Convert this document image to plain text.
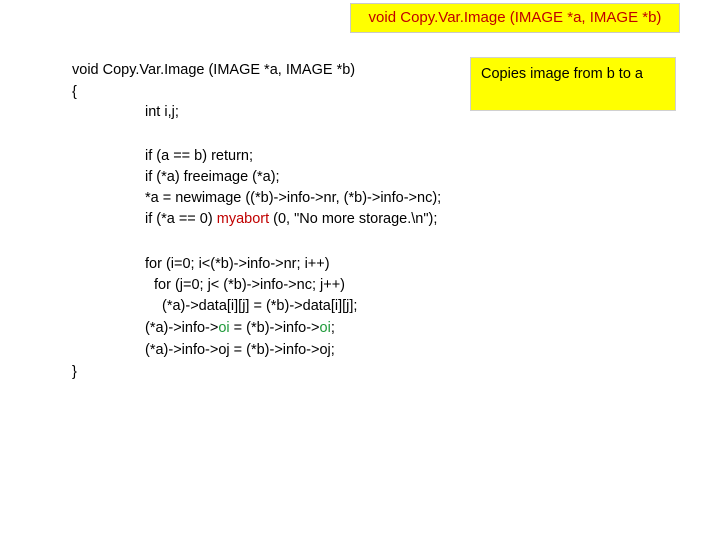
void Copy.Var.Image (IMAGE *a, IMAGE *b)
Copies image from b to a

void Copy.Var.Image (IMAGE *a, IMAGE *b)

{

int i,j;

if (a == b) return;

if (*a) freeimage (*a);

*a = newimage ((*b)->info->nr, (*b)->info->nc);

if (*a == 0) myabort (0, "No more storage.\n");

for (i=0; i<(*b)->info->nr; i++)

for (j=0; j< (*b)->info->nc; j++)

(*a)->data[i][j] = (*b)->data[i][j];

(*a)->info->oi = (*b)->info->oi;

(*a)->info->oj = (*b)->info->oj;

}
